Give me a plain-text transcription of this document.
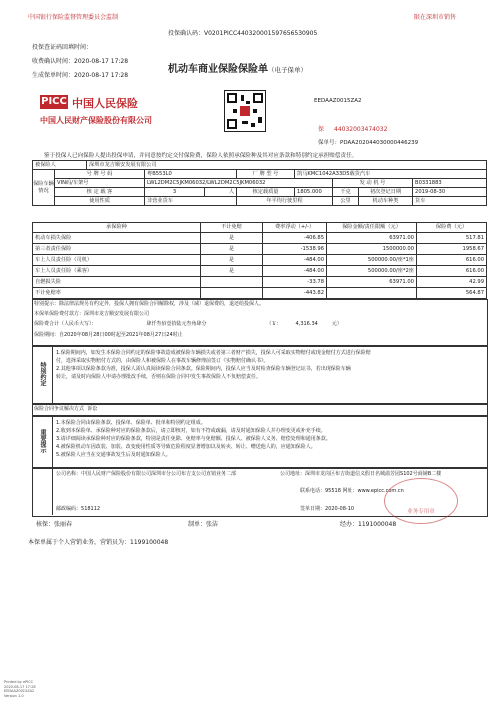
中国银行保险监督管理委员会监制	限在深圳市销售
投保确认码：V0201PICC440320001597656530905
投保查证码回填时间：
收费确认时间：2020-08-17 17:28
生成保单时间：2020-08-17 17:28
机动车商业保险保险单（电子保单）
PICC 中国人民保险
中国人民财产保险股份有限公司
EEDAAZ0015ZA2
保 44032003474032
保单号：PDAA202044030000446239
鉴于投保人已向保险人提出投保申请，并同意按约定交付保险费，保险人依照承保险种及其对应条款和特别约定承担赔偿责任。
被保险人		深圳市龙吉顺安发展有限公司							
保险车辆情况	号 牌 号 码		粤B553L0		厂 牌 型 号	凯马KMC1042A33D5载货汽车			
	VIN码/车架号		LWL2DM2C5JKM06032/LWL2DM2C5JKM06032				发 动 机 号		B0331883
	核 定 载 客		3	人	核定载质量	1805.000	千克	初次登记日期	2019-08-30
	使用性质		非营业货车		年平均行驶里程		公里	机动车种类	货车
承保险种	不计免赔	费率浮动（+/-）	保险金额/责任限额（元）	保险费（元）
机动车损失保险	是	-406.85	63971.00	517.81
第三者责任保险	是	-1538.96	1500000.00	1958.67
车上人员责任险（司机）	是	-484.00	500000.00/座*1座	616.00
车上人员责任险（乘客）	是	-484.00	500000.00/座*2座	616.00
自燃损失险		-33.78	63971.00	42.99
不计免赔率		-443.82		564.87
特别提示：除法律法规另有约定外，投保人拥有保险合同解除权，涉及（减）退保费的，退还给投保人。
本保单保险费付款方：深圳市龙吉顺安发展有限公司
保险费合计（人民币大写）：	肆仟叁佰壹拾陆元叁角肆分	（￥：	4,316.34	元）
保险期间：自2020年08月28日00时起至2021年08月27日24时止
特别约定
1.保险期间内，如发生本保险合同约定的保险事故造成被保险车辆损失或者第三者财产损失，投保人可采取实物赔付或现金赔付方式进行保险赔
付，选择采取实物赔付方式的，由保险人和被保险人在事故车辆修理前签订《实物赔付确认书》。
2.其他事项以保险条款为准，投保人需认真阅读保险合同条款。保险期间内，投保人应当及时检查保险车辆登记证书，若出现保险车辆
转让，请及时向保险人申请办理批改手续，否则在保险合同中发生事故保险人不负赔偿责任。
保险合同争议解决方式 诉讼
重要提示
1.本保险合同由保险条款、投保单、保险单、批单和特别约定组成。
2.收到本保险单、承保险种对应的保险条款后，请立即核对，如有不符或疏漏，请及时通知保险人并办理变更或补充手续。
3.请详细阅读承保险种对应的保险条款，特别是责任免除、免赔率与免赔额、投保人、被保险人义务、赔偿处理和通用条款。
4.被保险机动车因改装、加装、改变使用性质等导致危险程度显著增加以及转卖、转让、赠送他人的，应通知保险人。
5.被保险人应当在交通事故发生后及时通知保险人。
公司名称：中国人民财产保险股份有限公司深圳市分公司布吉支公司直销业务二部	公司地址：深圳市龙岗区布吉街道信义假日名城溢芳园S102号商铺B二楼
联系电话：95518 网址：www.epicc.com.cn
邮政编码：518112	签单日期：2020-08-10	业务专用章
核保：张丽春	制单：张洁	经办：1191000048
本保单属于个人营销业务，营销员为：1199100048
Printed by ePICC
2020-08-17 17:28
EEDAAZ0015ZA2
Version 1.0
